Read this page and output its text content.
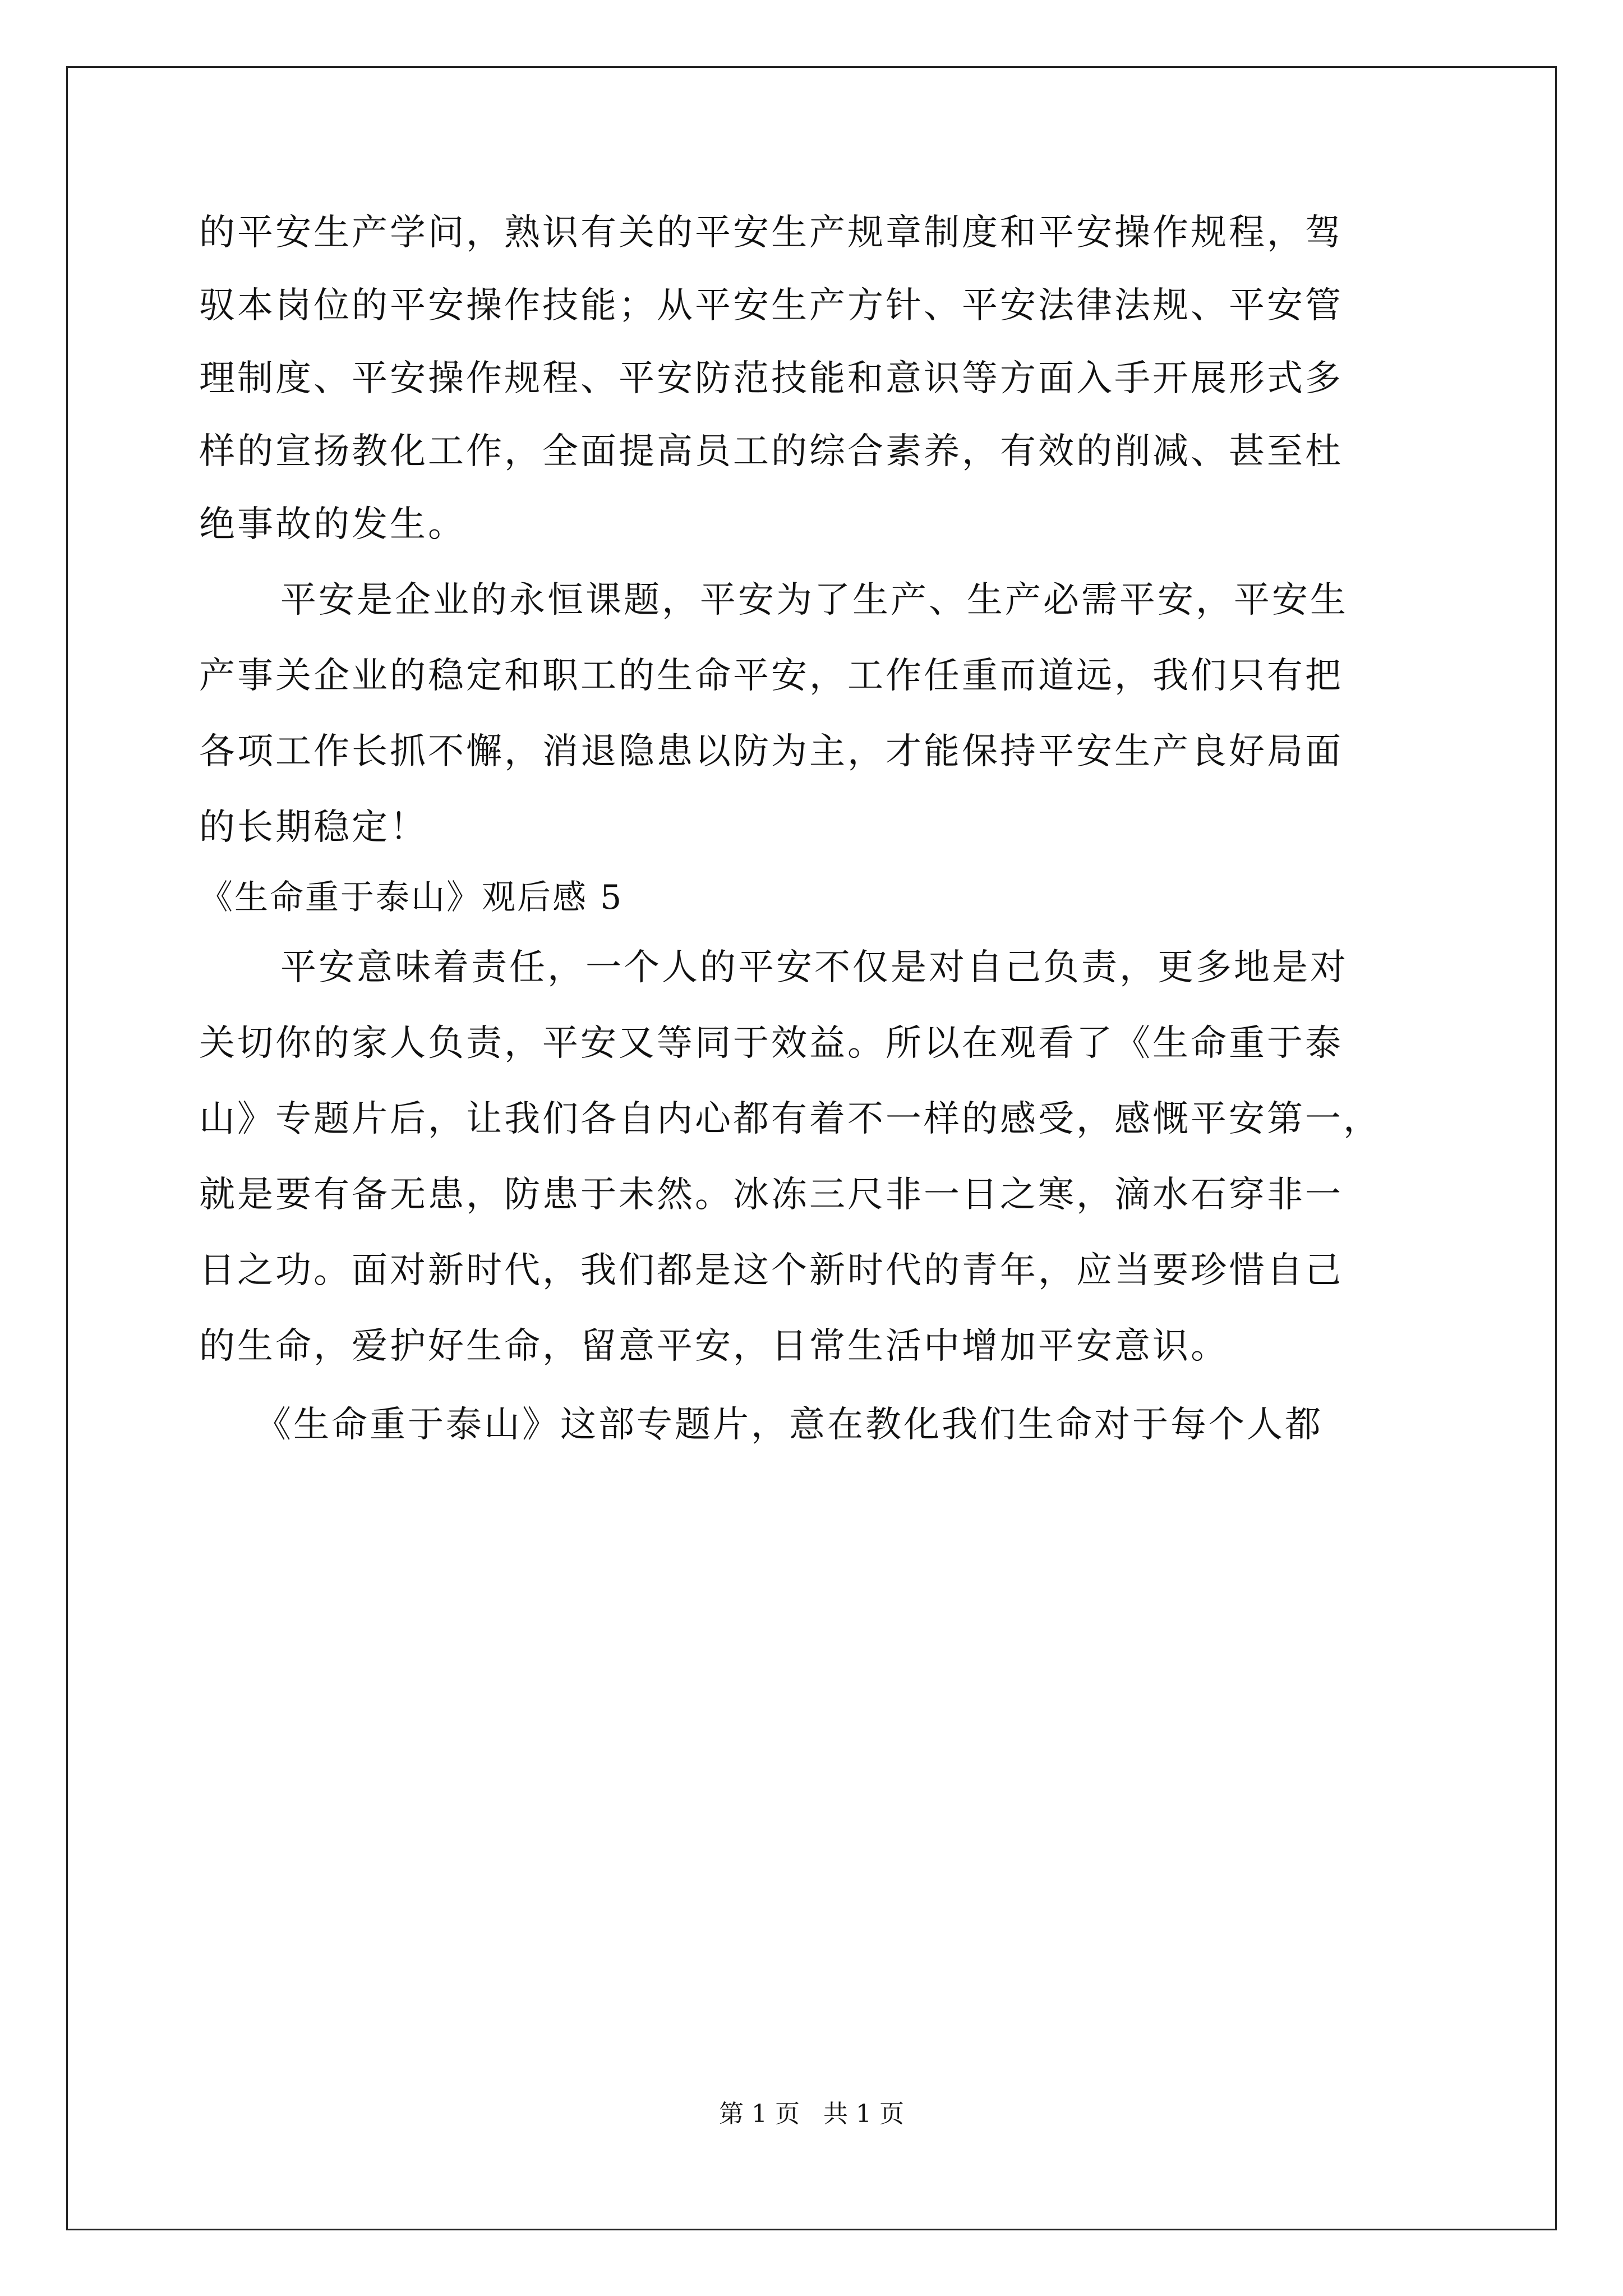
的平安生产学问，熟识有关的平安生产规章制度和平安操作规程，驾
驭本岗位的平安操作技能；从平安生产方针、平安法律法规、平安管
理制度、平安操作规程、平安防范技能和意识等方面入手开展形式多
样的宣扬教化工作，全面提高员工的综合素养，有效的削减、甚至杜
绝事故的发生。
平安是企业的永恒课题，平安为了生产、生产必需平安，平安生
产事关企业的稳定和职工的生命平安，工作任重而道远，我们只有把
各项工作长抓不懈，消退隐患以防为主，才能保持平安生产良好局面
的长期稳定！
《生命重于泰山》观后感 5
平安意味着责任，一个人的平安不仅是对自己负责，更多地是对
关切你的家人负责，平安又等同于效益。所以在观看了《生命重于泰
山》专题片后，让我们各自内心都有着不一样的感受，感慨平安第一，
就是要有备无患，防患于未然。冰冻三尺非一日之寒，滴水石穿非一
日之功。面对新时代，我们都是这个新时代的青年，应当要珍惜自己
的生命，爱护好生命，留意平安，日常生活中增加平安意识。
《生命重于泰山》这部专题片，意在教化我们生命对于每个人都
第 1 页   共 1 页
